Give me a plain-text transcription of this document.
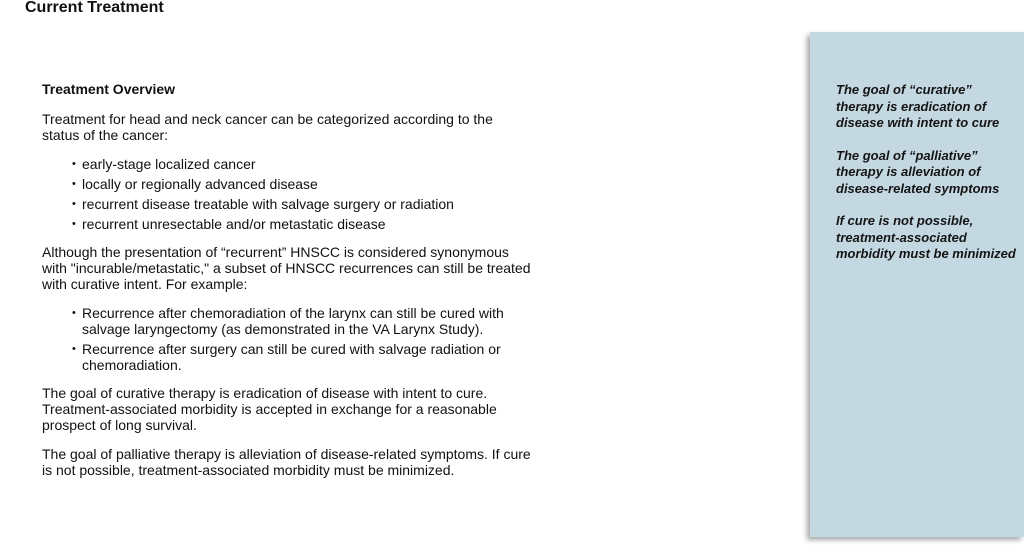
Current Treatment
Treatment Overview

Treatment for head and neck cancer can be categorized according to the status of the cancer:

• early-stage localized cancer
• locally or regionally advanced disease
• recurrent disease treatable with salvage surgery or radiation
• recurrent unresectable and/or metastatic disease

Although the presentation of “recurrent” HNSCC is considered synonymous with "incurable/metastatic," a subset of HNSCC recurrences can still be treated with curative intent. For example:

• Recurrence after chemoradiation of the larynx can still be cured with salvage laryngectomy (as demonstrated in the VA Larynx Study).
• Recurrence after surgery can still be cured with salvage radiation or chemoradiation.

The goal of curative therapy is eradication of disease with intent to cure. Treatment-associated morbidity is accepted in exchange for a reasonable prospect of long survival.

The goal of palliative therapy is alleviation of disease-related symptoms. If cure is not possible, treatment-associated morbidity must be minimized.

The goal of “curative” therapy is eradication of disease with intent to cure

The goal of “palliative” therapy is alleviation of disease-related symptoms

If cure is not possible, treatment-associated morbidity must be minimized
